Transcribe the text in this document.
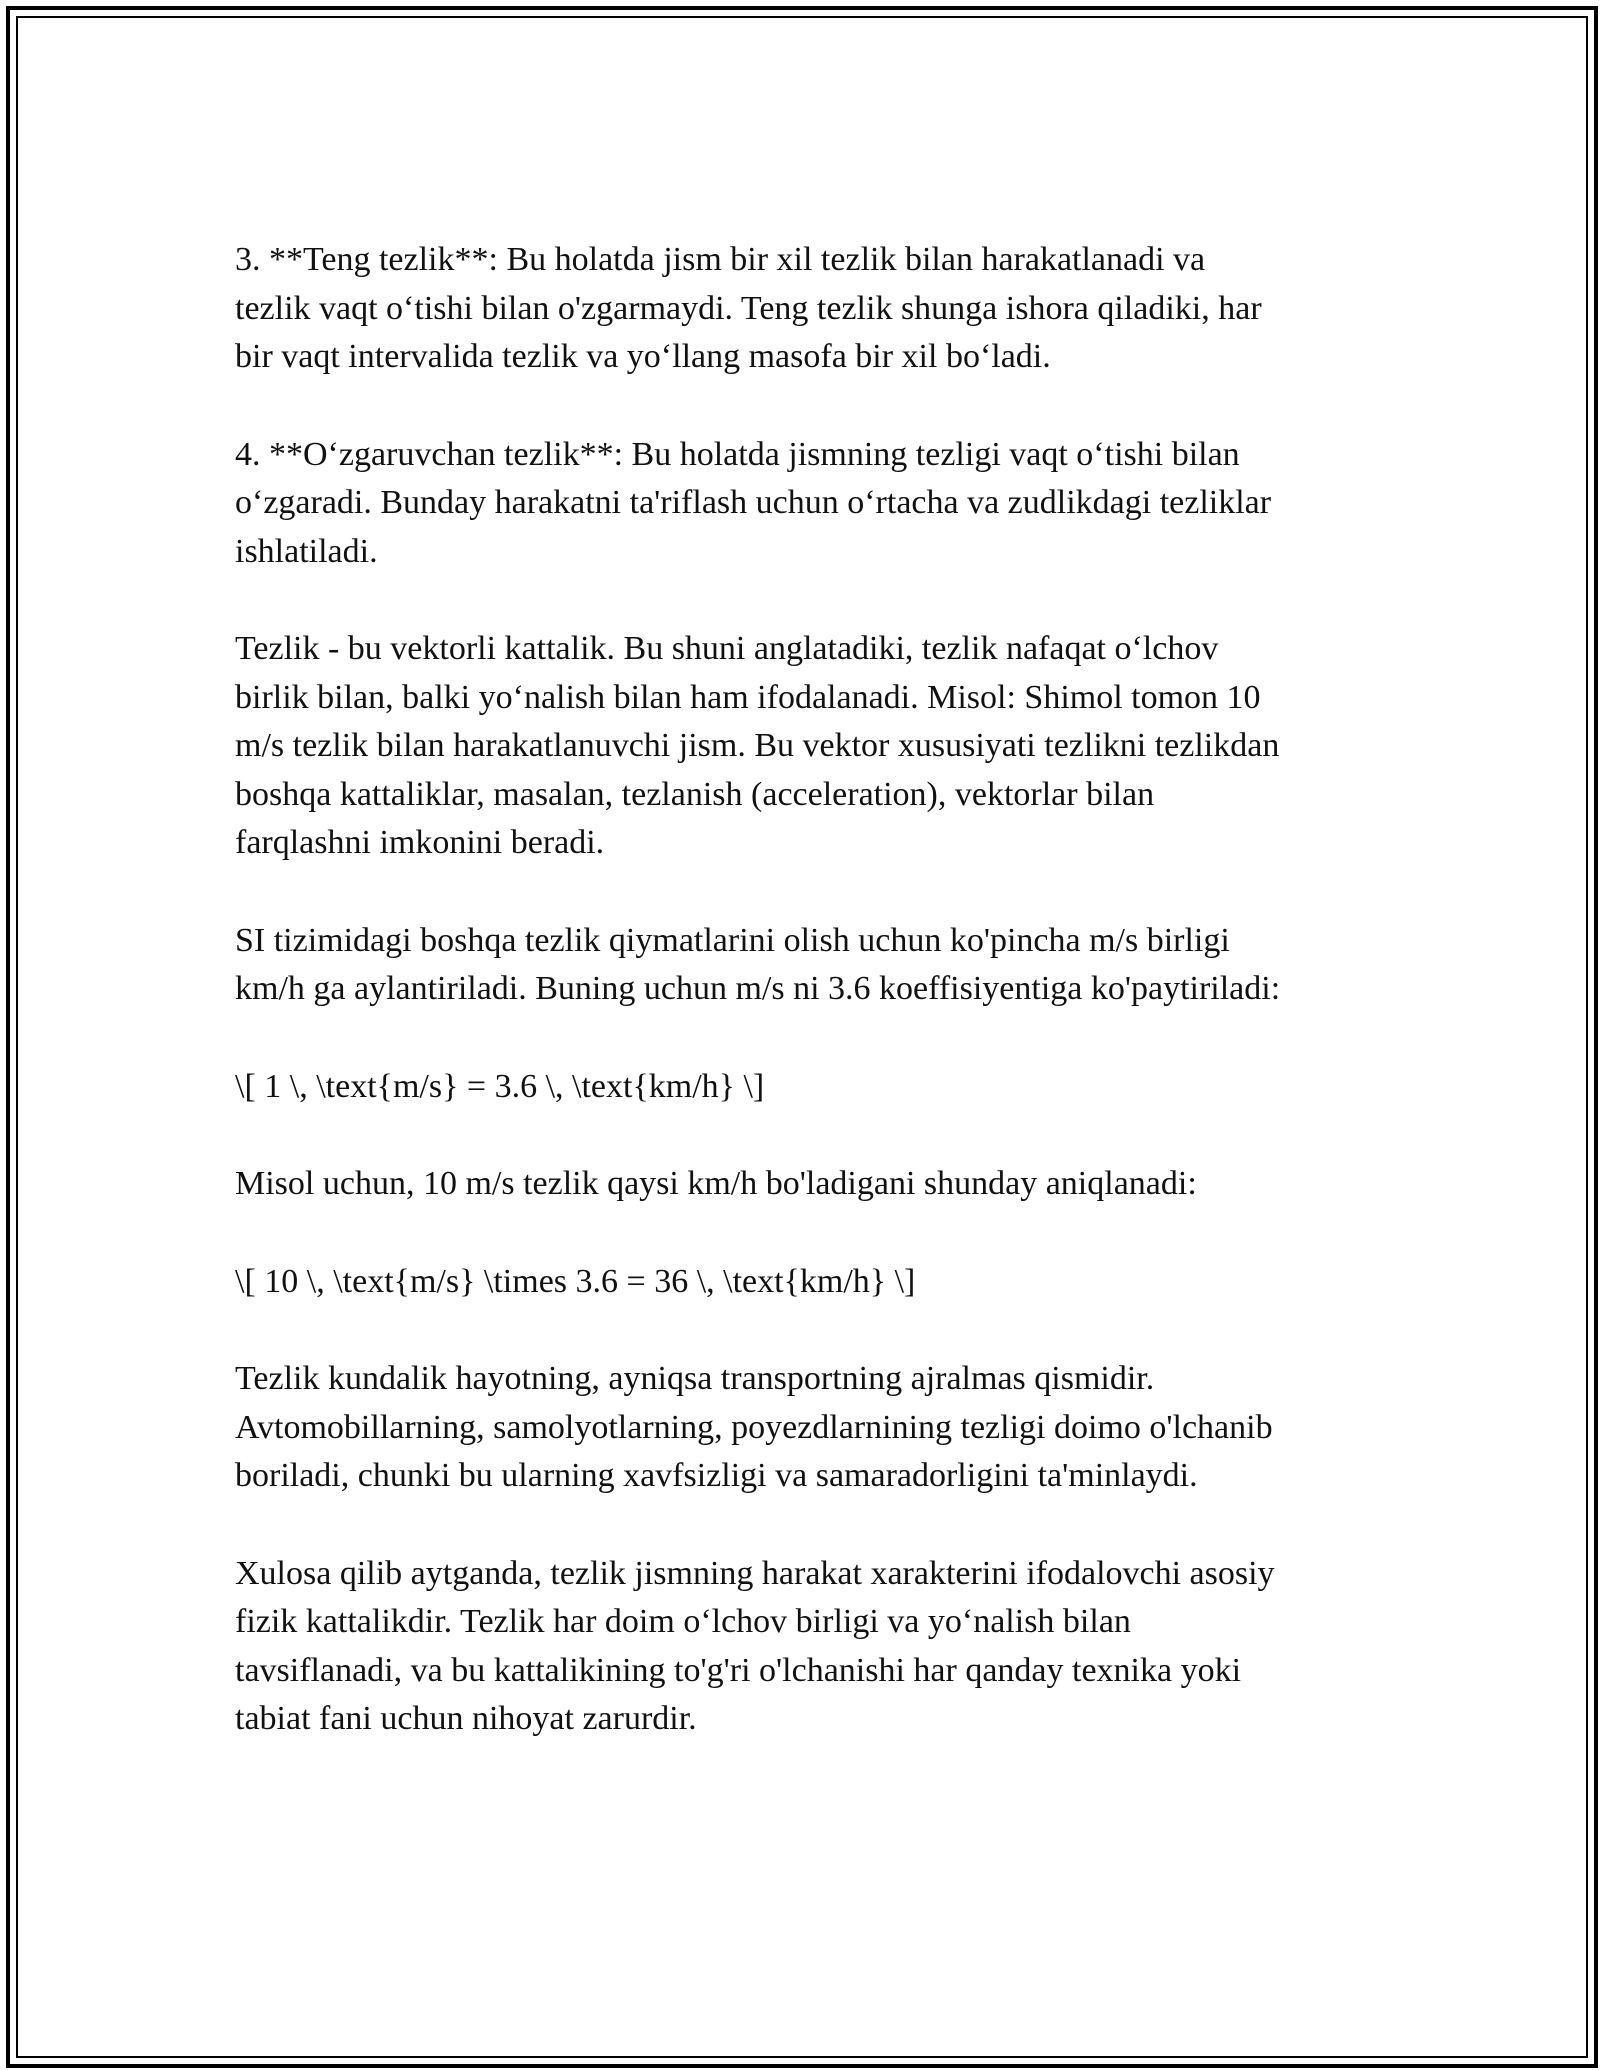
3. **Teng tezlik**: Bu holatda jism bir xil tezlik bilan harakatlanadi va
tezlik vaqt o‘tishi bilan o'zgarmaydi. Teng tezlik shunga ishora qiladiki, har
bir vaqt intervalida tezlik va yo‘llang masofa bir xil bo‘ladi.

4. **O‘zgaruvchan tezlik**: Bu holatda jismning tezligi vaqt o‘tishi bilan
o‘zgaradi. Bunday harakatni ta'riflash uchun o‘rtacha va zudlikdagi tezliklar
ishlatiladi.

Tezlik - bu vektorli kattalik. Bu shuni anglatadiki, tezlik nafaqat o‘lchov
birlik bilan, balki yo‘nalish bilan ham ifodalanadi. Misol: Shimol tomon 10
m/s tezlik bilan harakatlanuvchi jism. Bu vektor xususiyati tezlikni tezlikdan
boshqa kattaliklar, masalan, tezlanish (acceleration), vektorlar bilan
farqlashni imkonini beradi.

SI tizimidagi boshqa tezlik qiymatlarini olish uchun ko'pincha m/s birligi
km/h ga aylantiriladi. Buning uchun m/s ni 3.6 koeffisiyentiga ko'paytiriladi:

\[ 1 \, \text{m/s} = 3.6 \, \text{km/h} \]

Misol uchun, 10 m/s tezlik qaysi km/h bo'ladigani shunday aniqlanadi:

\[ 10 \, \text{m/s} \times 3.6 = 36 \, \text{km/h} \]

Tezlik kundalik hayotning, ayniqsa transportning ajralmas qismidir.
Avtomobillarning, samolyotlarning, poyezdlarnining tezligi doimo o'lchanib
boriladi, chunki bu ularning xavfsizligi va samaradorligini ta'minlaydi.

Xulosa qilib aytganda, tezlik jismning harakat xarakterini ifodalovchi asosiy
fizik kattalikdir. Tezlik har doim o‘lchov birligi va yo‘nalish bilan
tavsiflanadi, va bu kattalikining to'g'ri o'lchanishi har qanday texnika yoki
tabiat fani uchun nihoyat zarurdir.
